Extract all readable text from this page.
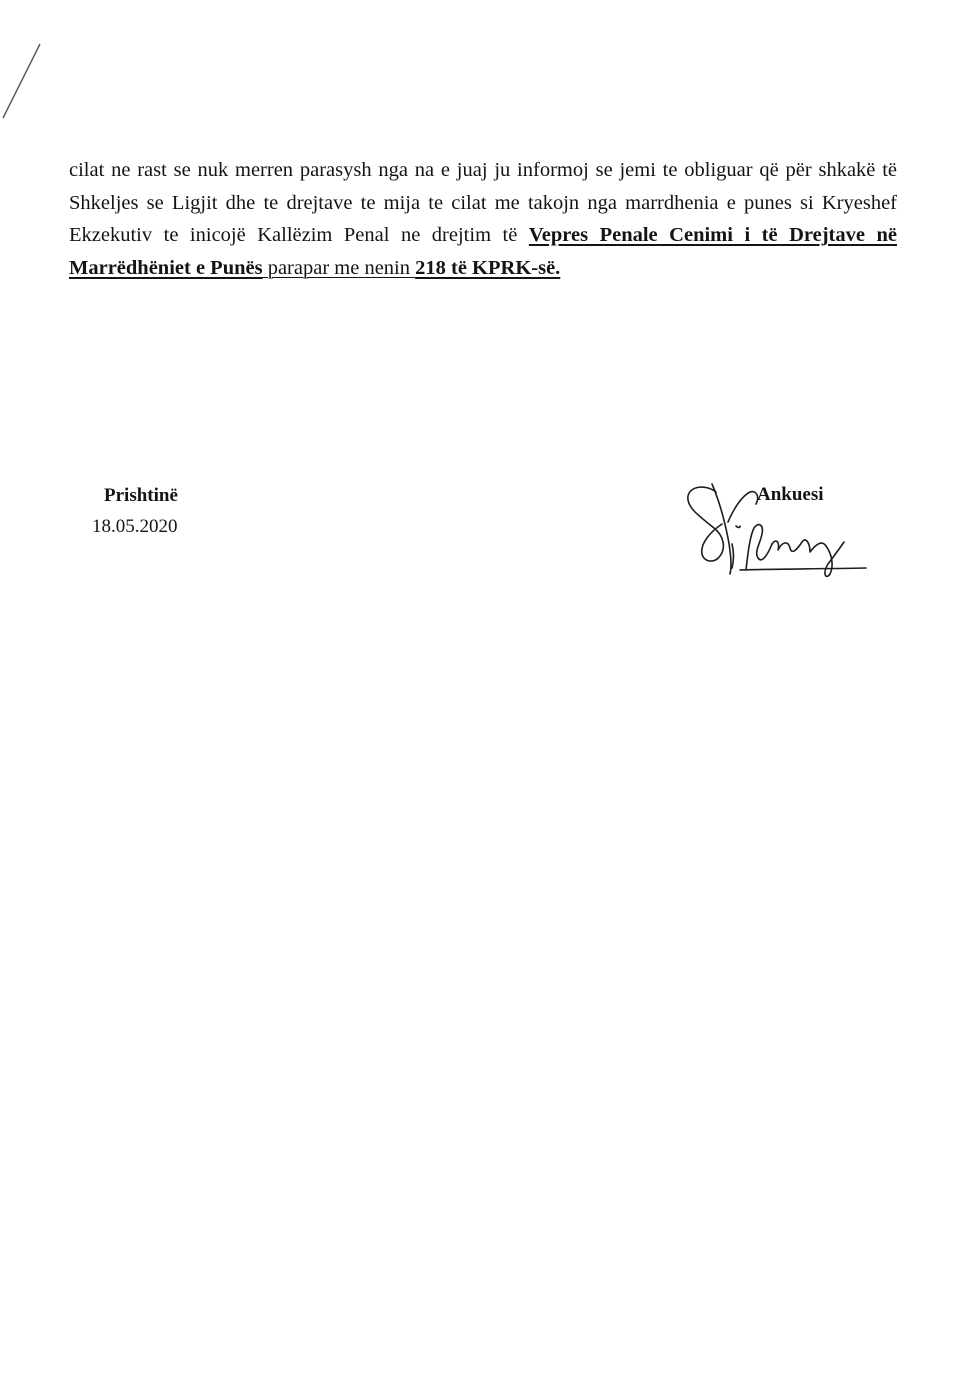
cilat ne rast se nuk merren parasysh nga na e juaj ju informoj se jemi te obliguar që për shkakë të Shkeljes se Ligjit dhe te drejtave te mija te cilat me takojn nga marrdhenia e punes si Kryeshef Ekzekutiv te inicojë Kallëzim Penal ne drejtim të Vepres Penale Cenimi i të Drejtave në Marrëdhëniet e Punës parapar me nenin 218 të KPRK-së.

Prishtinë

18.05.2020

Ankuesi
